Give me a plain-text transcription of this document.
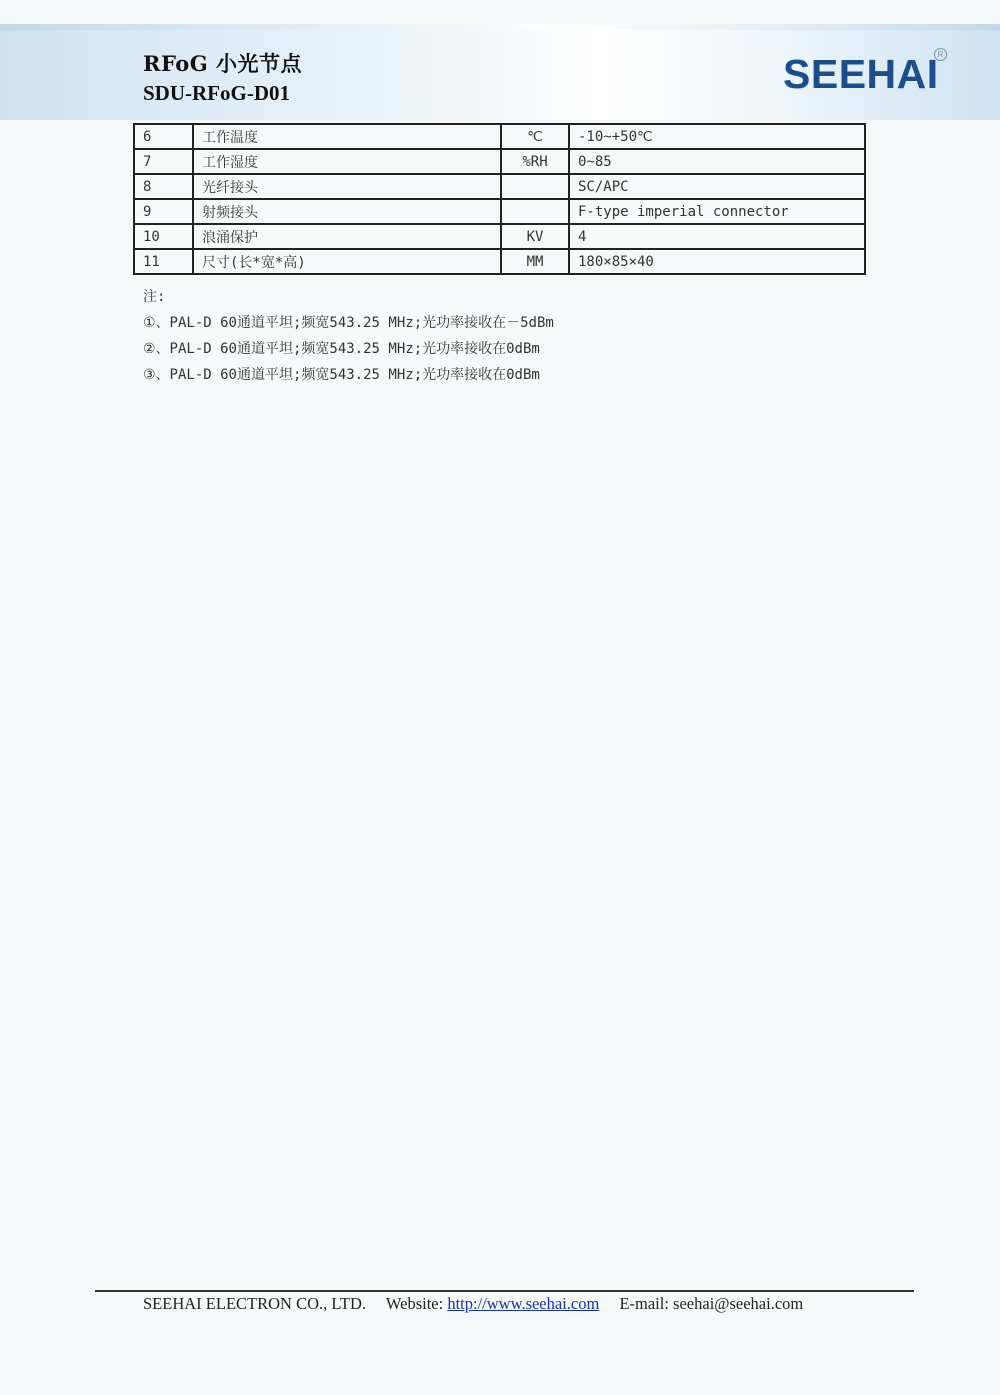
RFoG 小光节点
SDU-RFoG-D01	SEEHAI
R
6	工作温度	℃	-10~+50℃
7	工作湿度	%RH	0~85
8	光纤接头		SC/APC
9	射频接头		F-type imperial connector
10	浪涌保护	KV	4
11	尺寸(长*宽*高)	MM	180×85×40
注:
①、PAL-D 60通道平坦;频宽543.25 MHz;光功率接收在－5dBm
②、PAL-D 60通道平坦;频宽543.25 MHz;光功率接收在0dBm
③、PAL-D 60通道平坦;频宽543.25 MHz;光功率接收在0dBm
SEEHAI ELECTRON CO., LTD. Website: http://www.seehai.com E-mail: seehai@seehai.com
